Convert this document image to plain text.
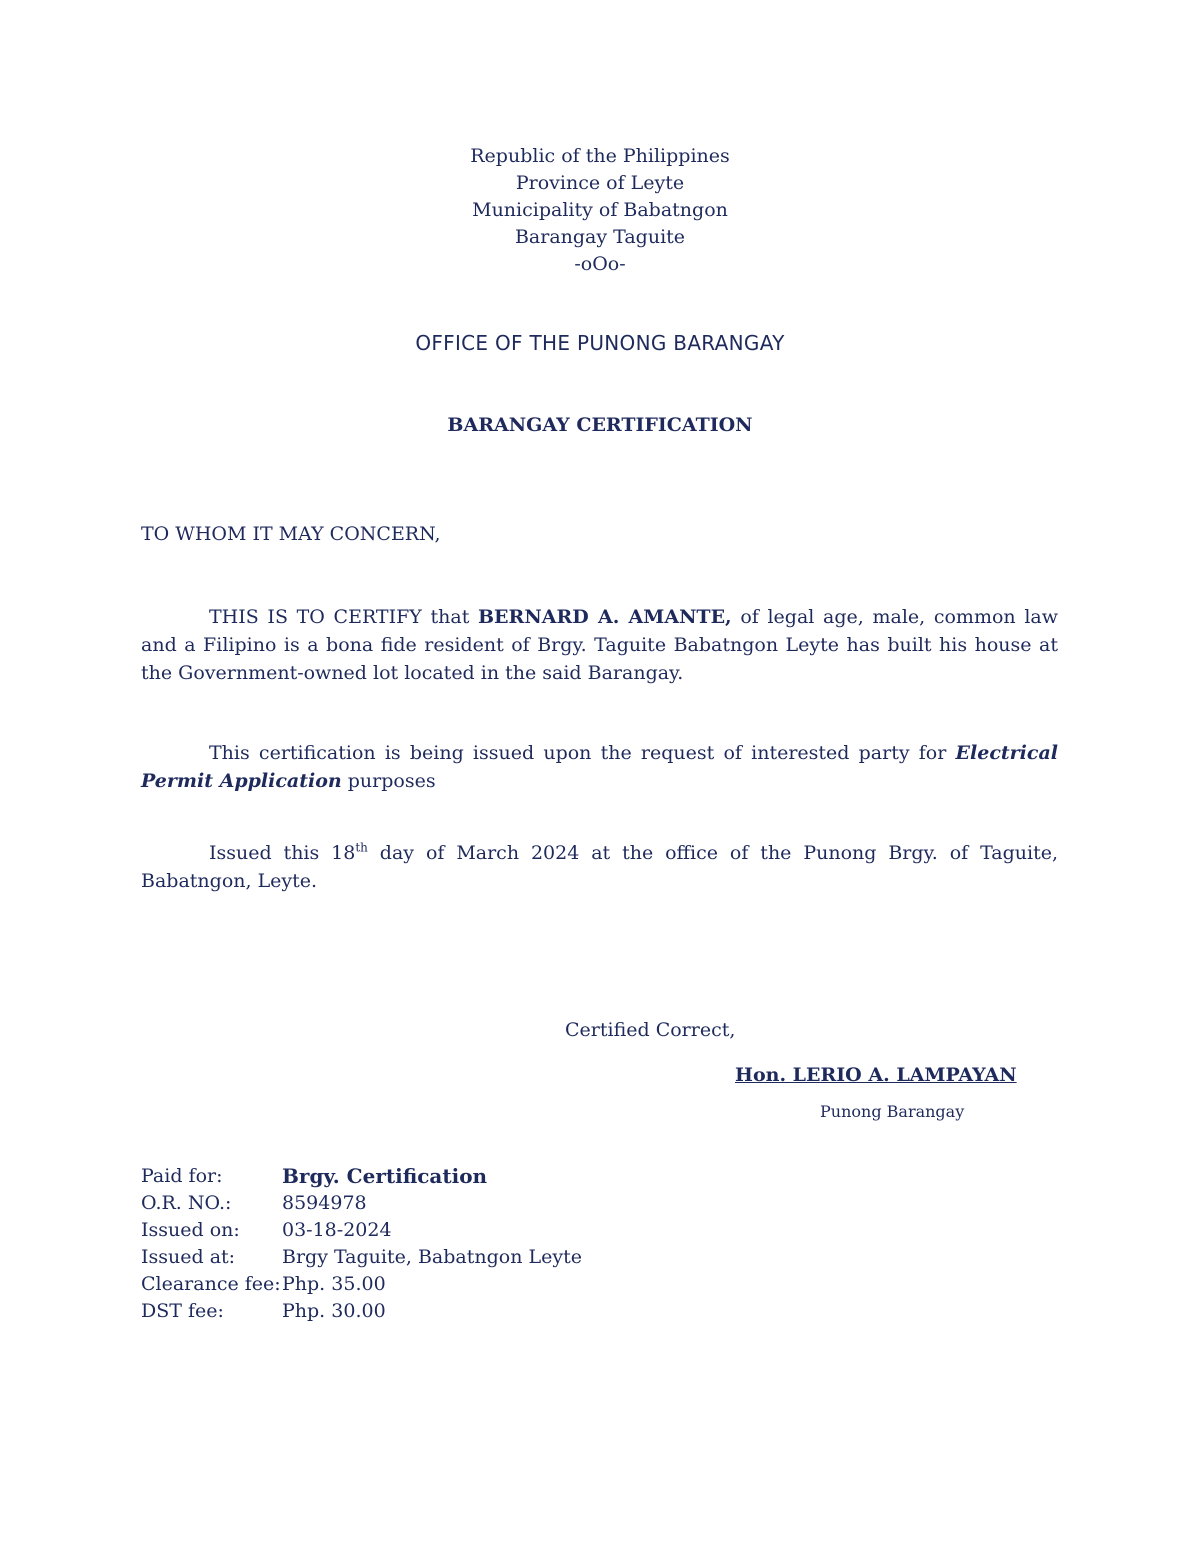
Republic of the Philippines
Province of Leyte
Municipality of Babatngon
Barangay Taguite
-oOo-
OFFICE OF THE PUNONG BARANGAY
BARANGAY CERTIFICATION
TO WHOM IT MAY CONCERN,
THIS IS TO CERTIFY that BERNARD A. AMANTE, of legal age, male, common law and a Filipino is a bona fide resident of Brgy. Taguite Babatngon Leyte has built his house at the Government-owned lot located in the said Barangay.
This certification is being issued upon the request of interested party for Electrical Permit Application purposes
Issued this 18th day of March 2024 at the office of the Punong Brgy. of Taguite, Babatngon, Leyte.
Certified Correct,
Hon. LERIO A. LAMPAYAN
Punong Barangay
Paid for:	Brgy. Certification
O.R. NO.:	8594978
Issued on:	03-18-2024
Issued at:	Brgy Taguite, Babatngon Leyte
Clearance fee: Php. 35.00
DST fee:	Php. 30.00
